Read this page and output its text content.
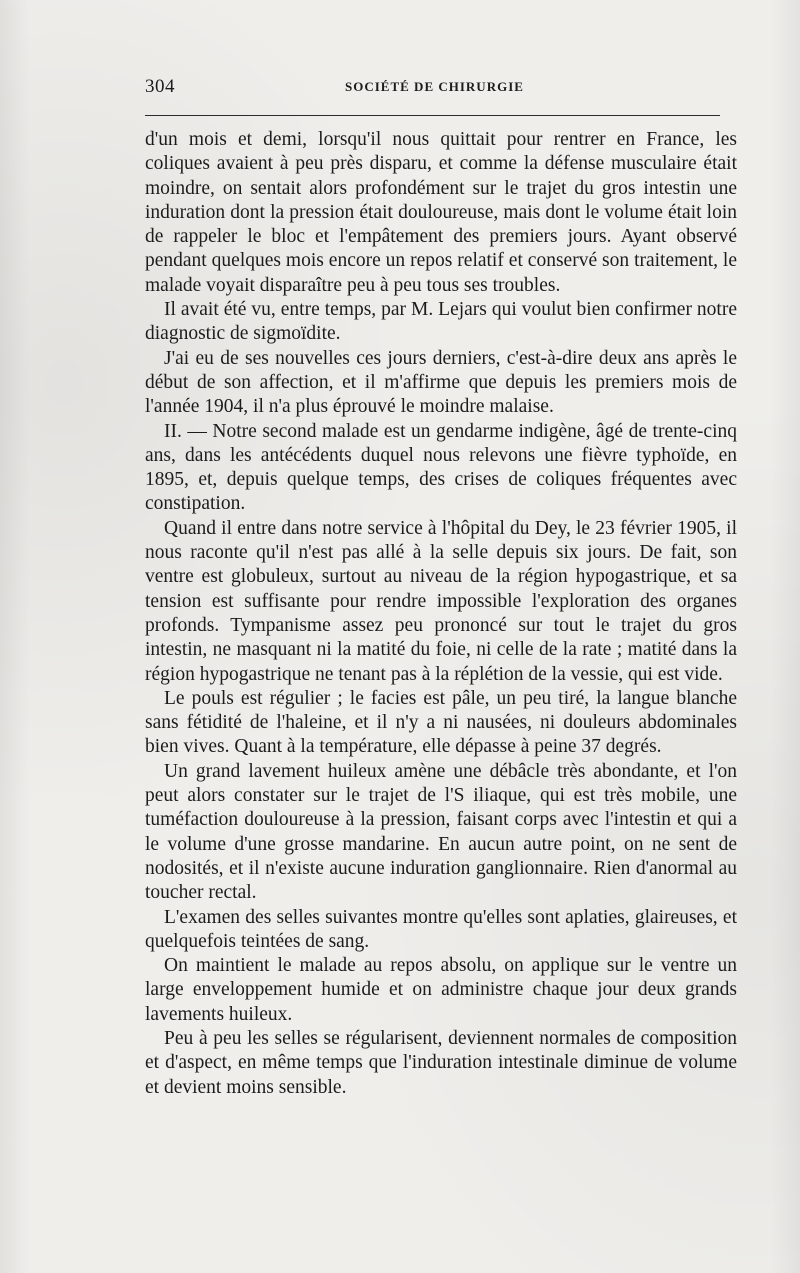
304	SOCIÉTÉ DE CHIRURGIE

d'un mois et demi, lorsqu'il nous quittait pour rentrer en France, les coliques avaient à peu près disparu, et comme la défense musculaire était moindre, on sentait alors profondément sur le trajet du gros intestin une induration dont la pression était douloureuse, mais dont le volume était loin de rappeler le bloc et l'empâtement des premiers jours. Ayant observé pendant quelques mois encore un repos relatif et conservé son traitement, le malade voyait disparaître peu à peu tous ses troubles.

Il avait été vu, entre temps, par M. Lejars qui voulut bien confirmer notre diagnostic de sigmoïdite.

J'ai eu de ses nouvelles ces jours derniers, c'est-à-dire deux ans après le début de son affection, et il m'affirme que depuis les premiers mois de l'année 1904, il n'a plus éprouvé le moindre malaise.

II. — Notre second malade est un gendarme indigène, âgé de trente-cinq ans, dans les antécédents duquel nous relevons une fièvre typhoïde, en 1895, et, depuis quelque temps, des crises de coliques fréquentes avec constipation.

Quand il entre dans notre service à l'hôpital du Dey, le 23 février 1905, il nous raconte qu'il n'est pas allé à la selle depuis six jours. De fait, son ventre est globuleux, surtout au niveau de la région hypogastrique, et sa tension est suffisante pour rendre impossible l'exploration des organes profonds. Tympanisme assez peu prononcé sur tout le trajet du gros intestin, ne masquant ni la matité du foie, ni celle de la rate ; matité dans la région hypogastrique ne tenant pas à la réplétion de la vessie, qui est vide.

Le pouls est régulier ; le facies est pâle, un peu tiré, la langue blanche sans fétidité de l'haleine, et il n'y a ni nausées, ni douleurs abdominales bien vives. Quant à la température, elle dépasse à peine 37 degrés.

Un grand lavement huileux amène une débâcle très abondante, et l'on peut alors constater sur le trajet de l'S iliaque, qui est très mobile, une tuméfaction douloureuse à la pression, faisant corps avec l'intestin et qui a le volume d'une grosse mandarine. En aucun autre point, on ne sent de nodosités, et il n'existe aucune induration ganglionnaire. Rien d'anormal au toucher rectal.

L'examen des selles suivantes montre qu'elles sont aplaties, glaireuses, et quelquefois teintées de sang.

On maintient le malade au repos absolu, on applique sur le ventre un large enveloppement humide et on administre chaque jour deux grands lavements huileux.

Peu à peu les selles se régularisent, deviennent normales de composition et d'aspect, en même temps que l'induration intestinale diminue de volume et devient moins sensible.
